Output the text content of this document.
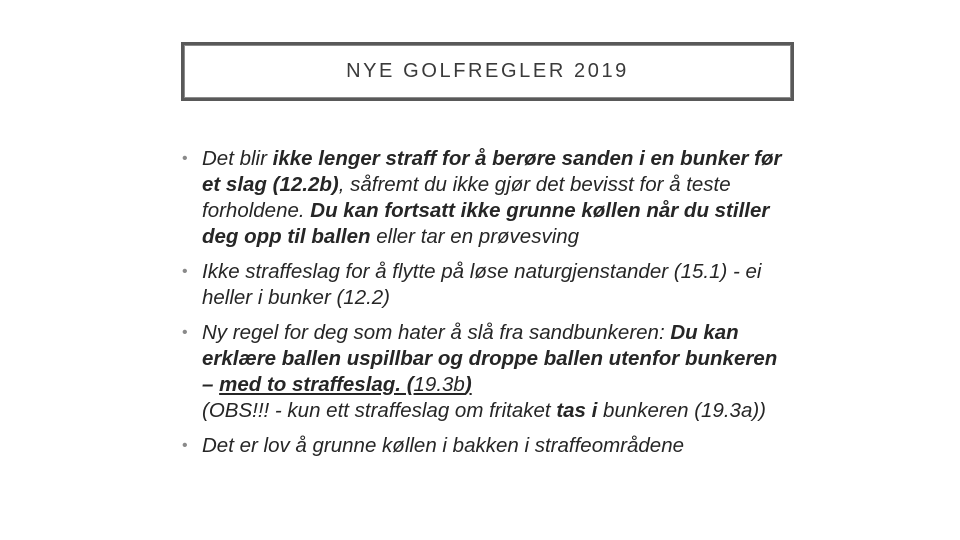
NYE GOLFREGLER 2019
• Det blir ikke lenger straff for å berøre sanden i en bunker før et slag (12.2b), såfremt du ikke gjør det bevisst for å teste forholdene. Du kan fortsatt ikke grunne køllen når du stiller deg opp til ballen eller tar en prøvesving
• Ikke straffeslag for å flytte på løse naturgjenstander (15.1) - ei heller i bunker (12.2)
• Ny regel for deg som hater å slå fra sandbunkeren: Du kan erklære ballen uspillbar og droppe ballen utenfor bunkeren – med to straffeslag. (19.3b)
(OBS!!! - kun ett straffeslag om fritaket tas i bunkeren (19.3a))
• Det er lov å grunne køllen i bakken i straffeområdene
